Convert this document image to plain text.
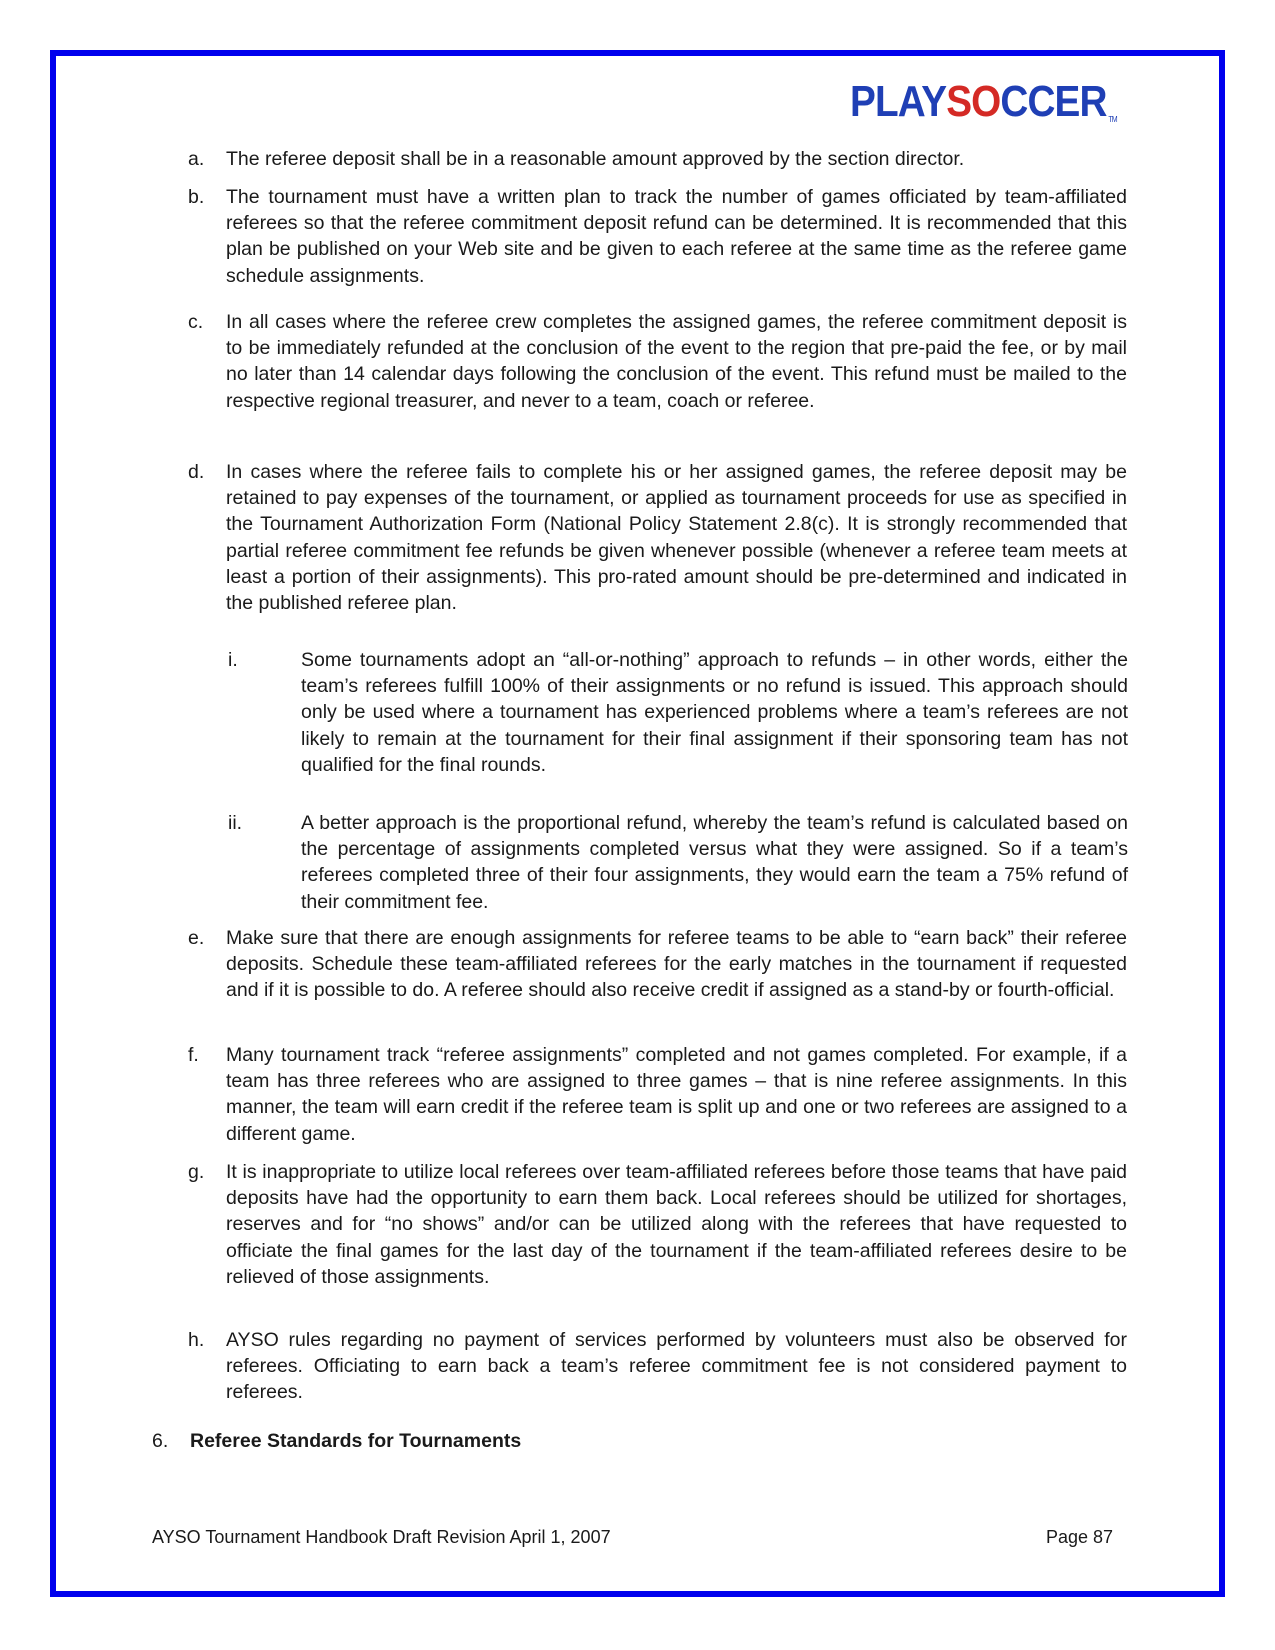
PLAYSOCCER TM
a. The referee deposit shall be in a reasonable amount approved by the section director.
b. The tournament must have a written plan to track the number of games officiated by team-affiliated referees so that the referee commitment deposit refund can be determined. It is recommended that this plan be published on your Web site and be given to each referee at the same time as the referee game schedule assignments.
c. In all cases where the referee crew completes the assigned games, the referee commitment deposit is to be immediately refunded at the conclusion of the event to the region that pre-paid the fee, or by mail no later than 14 calendar days following the conclusion of the event. This refund must be mailed to the respective regional treasurer, and never to a team, coach or referee.
d. In cases where the referee fails to complete his or her assigned games, the referee deposit may be retained to pay expenses of the tournament, or applied as tournament proceeds for use as specified in the Tournament Authorization Form (National Policy Statement 2.8(c). It is strongly recommended that partial referee commitment fee refunds be given whenever possible (whenever a referee team meets at least a portion of their assignments). This pro-rated amount should be pre-determined and indicated in the published referee plan.
i.	Some tournaments adopt an “all-or-nothing” approach to refunds – in other words, either the team’s referees fulfill 100% of their assignments or no refund is issued. This approach should only be used where a tournament has experienced problems where a team’s referees are not likely to remain at the tournament for their final assignment if their sponsoring team has not qualified for the final rounds.
ii.	A better approach is the proportional refund, whereby the team’s refund is calculated based on the percentage of assignments completed versus what they were assigned. So if a team’s referees completed three of their four assignments, they would earn the team a 75% refund of their commitment fee.
e. Make sure that there are enough assignments for referee teams to be able to “earn back” their referee deposits. Schedule these team-affiliated referees for the early matches in the tournament if requested and if it is possible to do. A referee should also receive credit if assigned as a stand-by or fourth-official.
f. Many tournament track “referee assignments” completed and not games completed. For example, if a team has three referees who are assigned to three games – that is nine referee assignments. In this manner, the team will earn credit if the referee team is split up and one or two referees are assigned to a different game.
g. It is inappropriate to utilize local referees over team-affiliated referees before those teams that have paid deposits have had the opportunity to earn them back. Local referees should be utilized for shortages, reserves and for “no shows” and/or can be utilized along with the referees that have requested to officiate the final games for the last day of the tournament if the team-affiliated referees desire to be relieved of those assignments.
h. AYSO rules regarding no payment of services performed by volunteers must also be observed for referees. Officiating to earn back a team’s referee commitment fee is not considered payment to referees.
6. Referee Standards for Tournaments
AYSO Tournament Handbook Draft Revision April 1, 2007	Page 87
